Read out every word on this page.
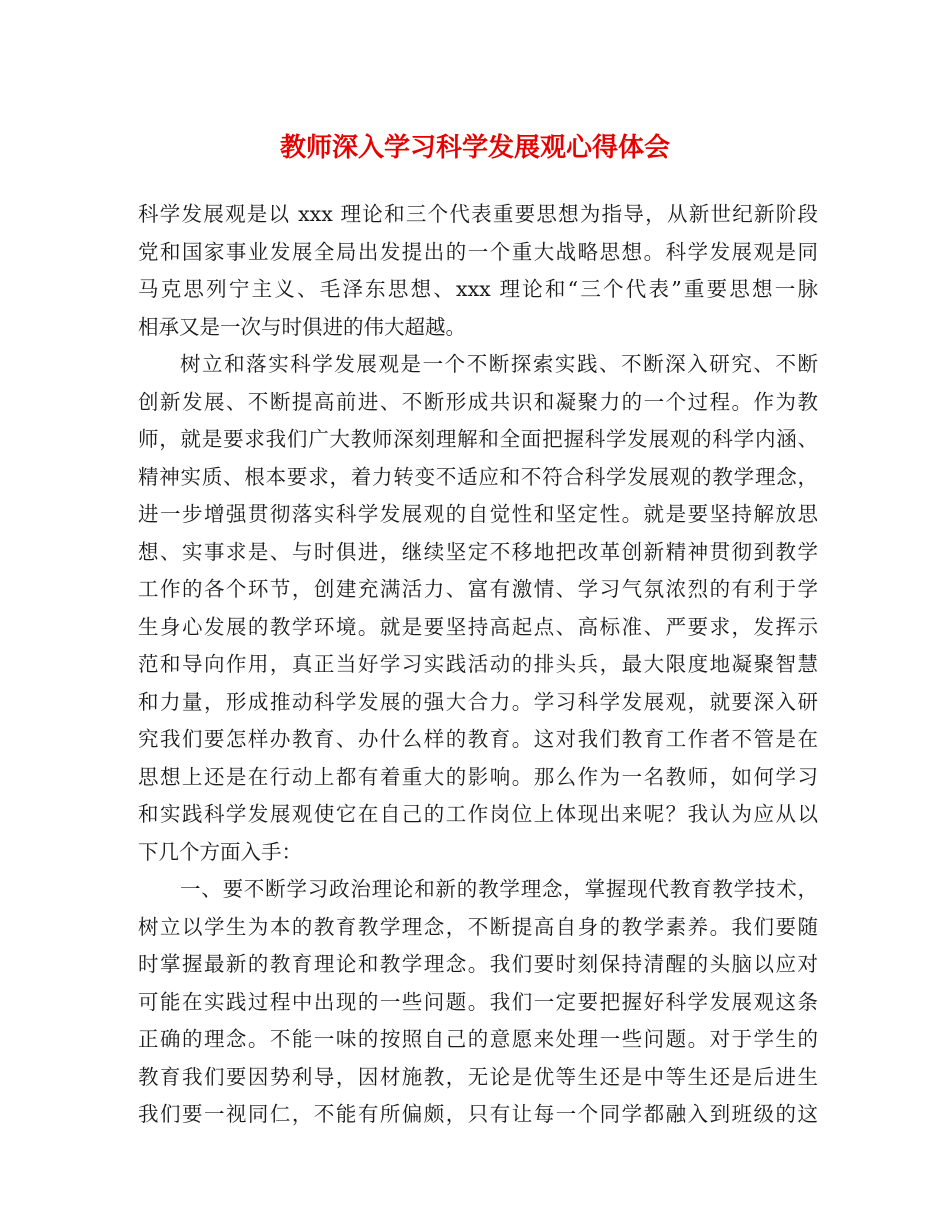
教师深入学习科学发展观心得体会
科学发展观是以 xxx 理论和三个代表重要思想为指导，从新世纪新阶段
党和国家事业发展全局出发提出的一个重大战略思想。科学发展观是同
马克思列宁主义、毛泽东思想、xxx 理论和“三个代表”重要思想一脉
相承又是一次与时俱进的伟大超越。
树立和落实科学发展观是一个不断探索实践、不断深入研究、不断
创新发展、不断提高前进、不断形成共识和凝聚力的一个过程。作为教
师，就是要求我们广大教师深刻理解和全面把握科学发展观的科学内涵、
精神实质、根本要求，着力转变不适应和不符合科学发展观的教学理念，
进一步增强贯彻落实科学发展观的自觉性和坚定性。就是要坚持解放思
想、实事求是、与时俱进，继续坚定不移地把改革创新精神贯彻到教学
工作的各个环节，创建充满活力、富有激情、学习气氛浓烈的有利于学
生身心发展的教学环境。就是要坚持高起点、高标准、严要求，发挥示
范和导向作用，真正当好学习实践活动的排头兵，最大限度地凝聚智慧
和力量，形成推动科学发展的强大合力。学习科学发展观，就要深入研
究我们要怎样办教育、办什么样的教育。这对我们教育工作者不管是在
思想上还是在行动上都有着重大的影响。那么作为一名教师，如何学习
和实践科学发展观使它在自己的工作岗位上体现出来呢？我认为应从以
下几个方面入手：
一、要不断学习政治理论和新的教学理念，掌握现代教育教学技术，
树立以学生为本的教育教学理念，不断提高自身的教学素养。我们要随
时掌握最新的教育理论和教学理念。我们要时刻保持清醒的头脑以应对
可能在实践过程中出现的一些问题。我们一定要把握好科学发展观这条
正确的理念。不能一味的按照自己的意愿来处理一些问题。对于学生的
教育我们要因势利导，因材施教，无论是优等生还是中等生还是后进生
我们要一视同仁，不能有所偏颇，只有让每一个同学都融入到班级的这
